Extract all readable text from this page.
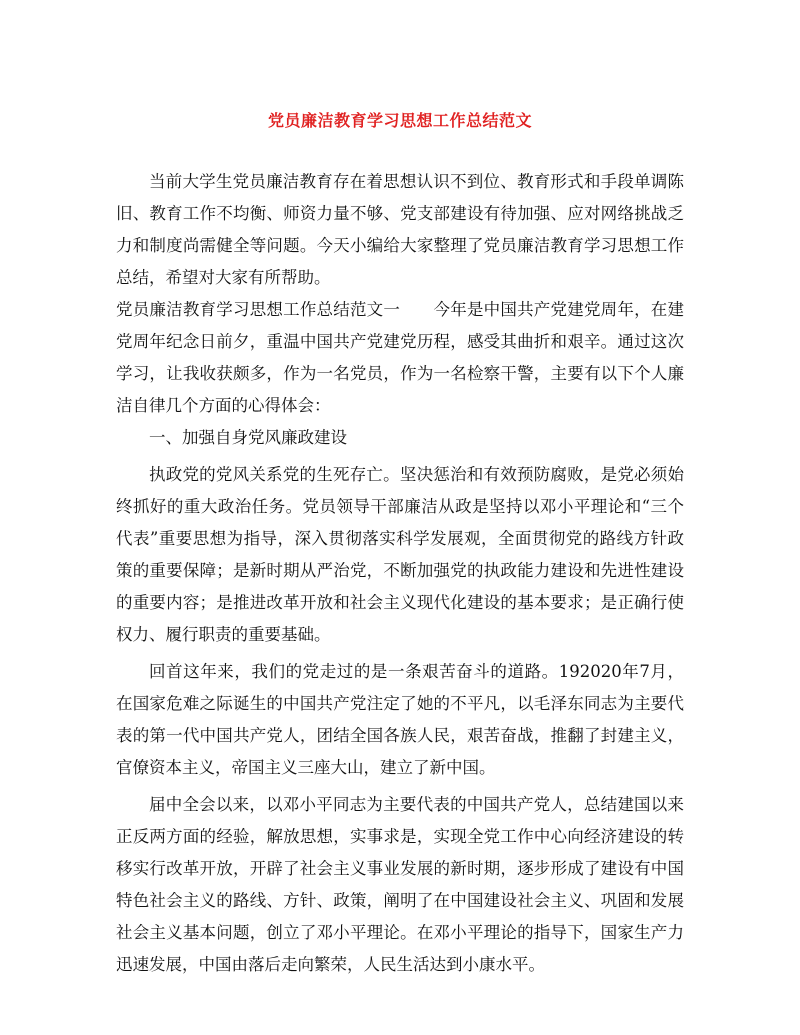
党员廉洁教育学习思想工作总结范文

当前大学生党员廉洁教育存在着思想认识不到位、教育形式和手段单调陈旧、教育工作不均衡、师资力量不够、党支部建设有待加强、应对网络挑战乏力和制度尚需健全等问题。今天小编给大家整理了党员廉洁教育学习思想工作总结，希望对大家有所帮助。

党员廉洁教育学习思想工作总结范文一　　今年是中国共产党建党周年，在建党周年纪念日前夕，重温中国共产党建党历程，感受其曲折和艰辛。通过这次学习，让我收获颇多，作为一名党员，作为一名检察干警，主要有以下个人廉洁自律几个方面的心得体会：

一、加强自身党风廉政建设

执政党的党风关系党的生死存亡。坚决惩治和有效预防腐败，是党必须始终抓好的重大政治任务。党员领导干部廉洁从政是坚持以邓小平理论和“三个代表”重要思想为指导，深入贯彻落实科学发展观，全面贯彻党的路线方针政策的重要保障；是新时期从严治党，不断加强党的执政能力建设和先进性建设的重要内容；是推进改革开放和社会主义现代化建设的基本要求；是正确行使权力、履行职责的重要基础。

回首这年来，我们的党走过的是一条艰苦奋斗的道路。192020年7月，在国家危难之际诞生的中国共产党注定了她的不平凡，以毛泽东同志为主要代表的第一代中国共产党人，团结全国各族人民，艰苦奋战，推翻了封建主义，官僚资本主义，帝国主义三座大山，建立了新中国。

届中全会以来，以邓小平同志为主要代表的中国共产党人，总结建国以来正反两方面的经验，解放思想，实事求是，实现全党工作中心向经济建设的转移实行改革开放，开辟了社会主义事业发展的新时期，逐步形成了建设有中国特色社会主义的路线、方针、政策，阐明了在中国建设社会主义、巩固和发展社会主义基本问题，创立了邓小平理论。在邓小平理论的指导下，国家生产力迅速发展，中国由落后走向繁荣，人民生活达到小康水平。
